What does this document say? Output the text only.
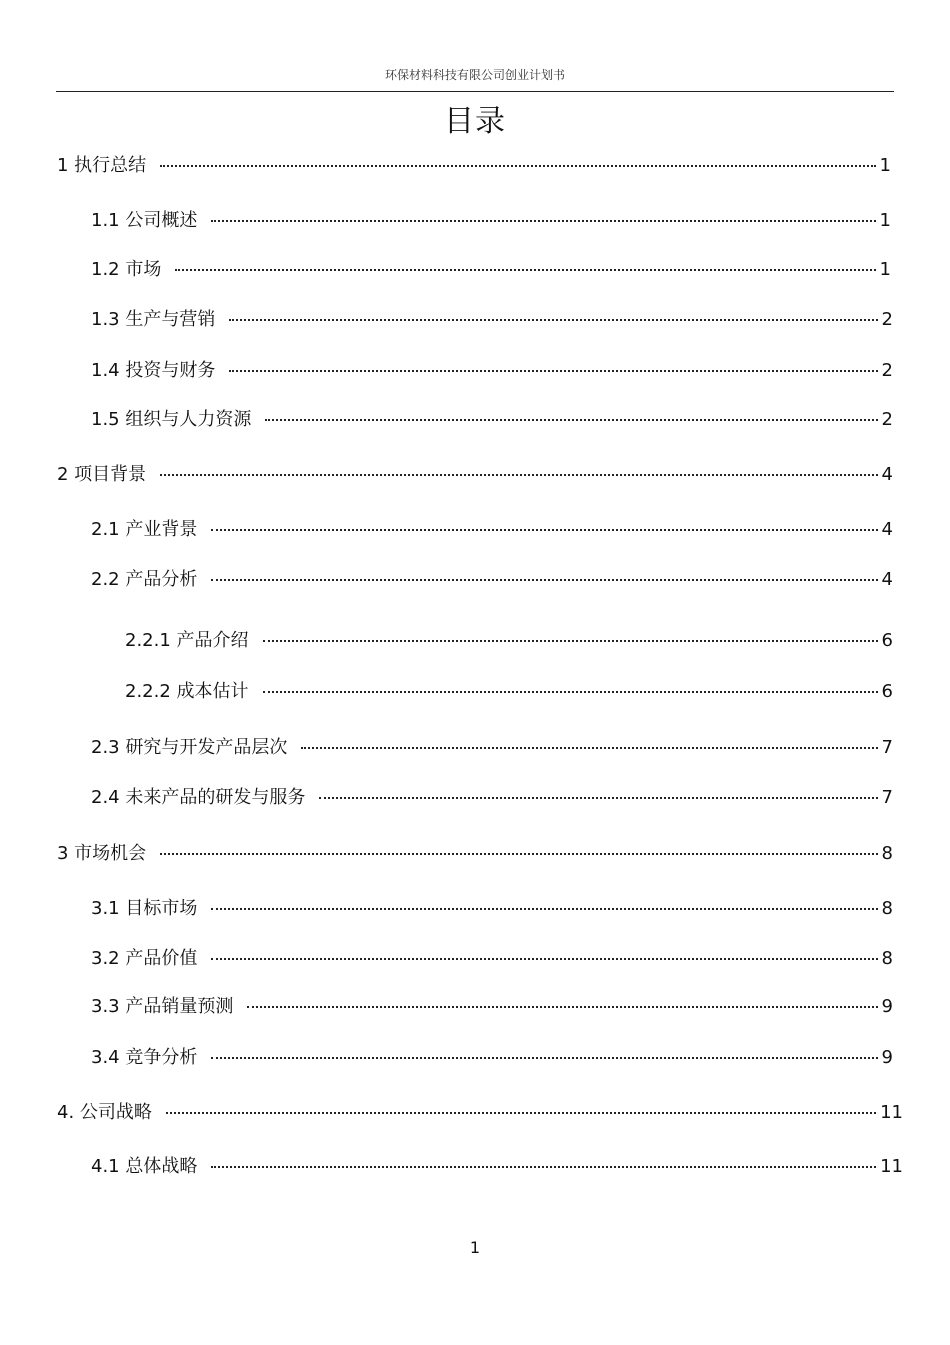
环保材料科技有限公司创业计划书
目录
1 执行总结	1
1.1 公司概述	1
1.2 市场	1
1.3 生产与营销	2
1.4 投资与财务	2
1.5 组织与人力资源	2
2 项目背景	4
2.1 产业背景	4
2.2 产品分析	4
2.2.1 产品介绍	6
2.2.2 成本估计	6
2.3 研究与开发产品层次	7
2.4 未来产品的研发与服务	7
3 市场机会	8
3.1 目标市场	8
3.2 产品价值	8
3.3 产品销量预测	9
3.4 竞争分析	9
4. 公司战略	11
4.1 总体战略	11
1
